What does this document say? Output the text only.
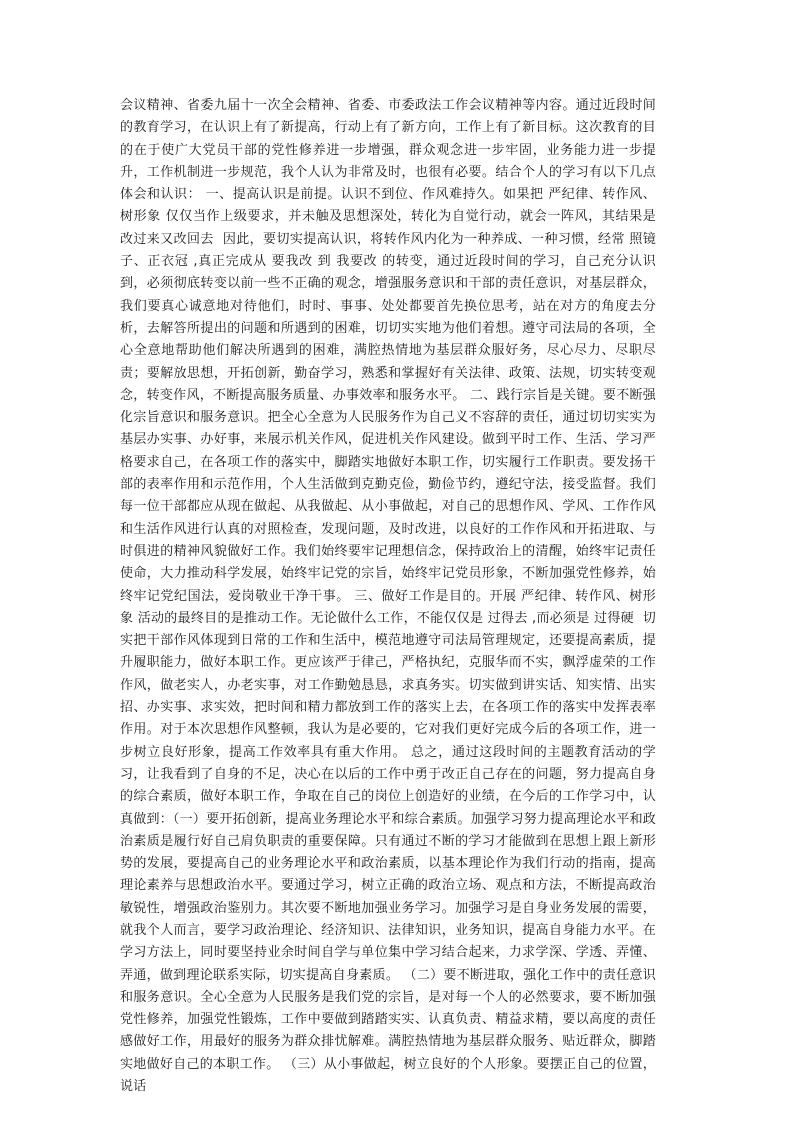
会议精神、省委九届十一次全会精神、省委、市委政法工作会议精神等内容。通过近段时间的教育学习，在认识上有了新提高，行动上有了新方向，工作上有了新目标。这次教育的目的在于使广大党员干部的党性修养进一步增强，群众观念进一步牢固，业务能力进一步提升，工作机制进一步规范，我个人认为非常及时，也很有必要。结合个人的学习有以下几点体会和认识： 一、提高认识是前提。认识不到位、作风难持久。如果把 严纪律、转作风、树形象 仅仅当作上级要求，并未触及思想深处，转化为自觉行动，就会一阵风，其结果是 改过来又改回去  因此，要切实提高认识，将转作风内化为一种养成、一种习惯，经常 照镜子、正衣冠 ,真正完成从 要我改 到 我要改 的转变，通过近段时间的学习，自己充分认识到，必须彻底转变以前一些不正确的观念，增强服务意识和干部的责任意识，对基层群众，我们要真心诚意地对待他们，时时、事事、处处都要首先换位思考，站在对方的角度去分析，去解答所提出的问题和所遇到的困难，切切实实地为他们着想。遵守司法局的各项，全心全意地帮助他们解决所遇到的困难，满腔热情地为基层群众服好务，尽心尽力、尽职尽责；要解放思想，开拓创新，勤奋学习，熟悉和掌握好有关法律、政策、法规，切实转变观念，转变作风，不断提高服务质量、办事效率和服务水平。 二、践行宗旨是关键。要不断强化宗旨意识和服务意识。把全心全意为人民服务作为自己义不容辞的责任，通过切切实实为基层办实事、办好事，来展示机关作风，促进机关作风建设。做到平时工作、生活、学习严格要求自己，在各项工作的落实中，脚踏实地做好本职工作，切实履行工作职责。要发扬干部的表率作用和示范作用，个人生活做到克勤克俭，勤俭节约，遵纪守法，接受监督。我们每一位干部都应从现在做起、从我做起、从小事做起，对自己的思想作风、学风、工作作风和生活作风进行认真的对照检查，发现问题，及时改进，以良好的工作作风和开拓进取、与时俱进的精神风貌做好工作。我们始终要牢记理想信念，保持政治上的清醒，始终牢记责任使命，大力推动科学发展，始终牢记党的宗旨，始终牢记党员形象，不断加强党性修养，始终牢记党纪国法，爱岗敬业干净干事。 三、做好工作是目的。开展 严纪律、转作风、树形象 活动的最终目的是推动工作。无论做什么工作，不能仅仅是 过得去 ,而必须是 过得硬  切实把干部作风体现到日常的工作和生活中，模范地遵守司法局管理规定，还要提高素质，提升履职能力，做好本职工作。更应该严于律己，严格执纪，克服华而不实，飘浮虚荣的工作作风，做老实人，办老实事，对工作勤勉恳恳，求真务实。切实做到讲实话、知实情、出实招、办实事、求实效，把时间和精力都放到工作的落实上去，在各项工作的落实中发挥表率作用。对于本次思想作风整顿，我认为是必要的，它对我们更好完成今后的各项工作，进一步树立良好形象，提高工作效率具有重大作用。 总之，通过这段时间的主题教育活动的学习，让我看到了自身的不足，决心在以后的工作中勇于改正自己存在的问题，努力提高自身的综合素质，做好本职工作，争取在自己的岗位上创造好的业绩，在今后的工作学习中，认真做到：（一）要开拓创新，提高业务理论水平和综合素质。加强学习努力提高理论水平和政治素质是履行好自己肩负职责的重要保障。只有通过不断的学习才能做到在思想上跟上新形势的发展，要提高自己的业务理论水平和政治素质，以基本理论作为我们行动的指南，提高理论素养与思想政治水平。要通过学习，树立正确的政治立场、观点和方法，不断提高政治敏锐性，增强政治鉴别力。其次要不断地加强业务学习。加强学习是自身业务发展的需要，就我个人而言，要学习政治理论、经济知识、法律知识，业务知识，提高自身能力水平。在学习方法上，同时要坚持业余时间自学与单位集中学习结合起来，力求学深、学透、弄懂、弄通，做到理论联系实际，切实提高自身素质。 （二）要不断进取，强化工作中的责任意识和服务意识。全心全意为人民服务是我们党的宗旨，是对每一个人的必然要求，要不断加强党性修养，加强党性锻炼，工作中要做到踏踏实实、认真负责、精益求精，要以高度的责任感做好工作，用最好的服务为群众排忧解难。满腔热情地为基层群众服务、贴近群众，脚踏实地做好自己的本职工作。 （三）从小事做起，树立良好的个人形象。要摆正自己的位置，说话
